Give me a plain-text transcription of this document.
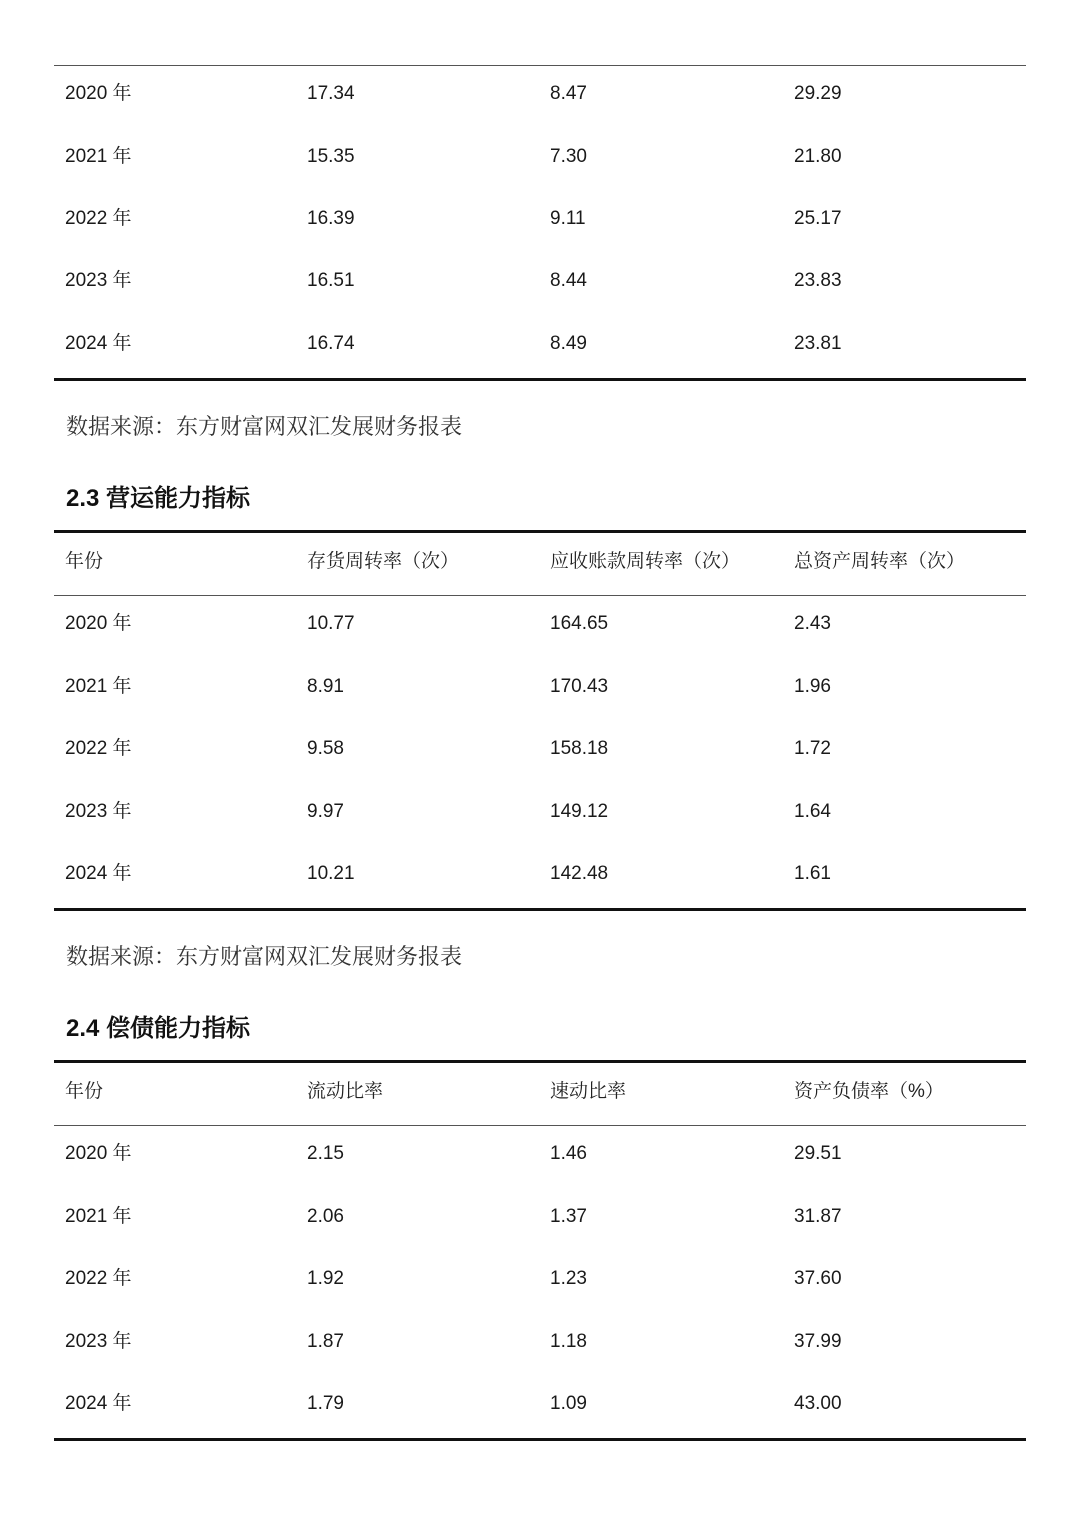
2020 年	17.34	8.47	29.29
2021 年	15.35	7.30	21.80
2022 年	16.39	9.11	25.17
2023 年	16.51	8.44	23.83
2024 年	16.74	8.49	23.81
数据来源：东方财富网双汇发展财务报表
2.3 营运能力指标
年份	存货周转率（次）	应收账款周转率（次）	总资产周转率（次）
2020 年	10.77	164.65	2.43
2021 年	8.91	170.43	1.96
2022 年	9.58	158.18	1.72
2023 年	9.97	149.12	1.64
2024 年	10.21	142.48	1.61
数据来源：东方财富网双汇发展财务报表
2.4 偿债能力指标
年份	流动比率	速动比率	资产负债率（%）
2020 年	2.15	1.46	29.51
2021 年	2.06	1.37	31.87
2022 年	1.92	1.23	37.60
2023 年	1.87	1.18	37.99
2024 年	1.79	1.09	43.00
